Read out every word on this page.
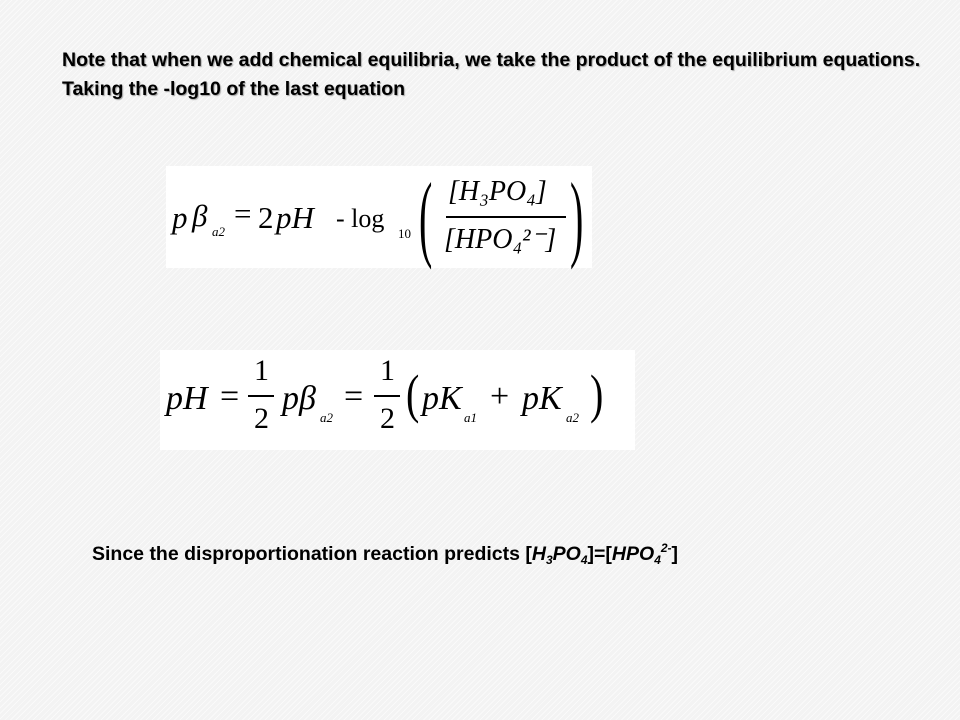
Note that when we add chemical equilibria, we take the product of the equilibrium equations. Taking the -log10 of the last equation
p β a2
= 2 pH - log
10 ( [H₃PO₄]
[HPO₄²⁻] )
pH =
1
2
pβ
a2
=
1
2 ( pK
a1
+ pK
a2 )
Since the disproportionation reaction predicts $[H_3PO_4]=[HPO_4^{2-}]$
